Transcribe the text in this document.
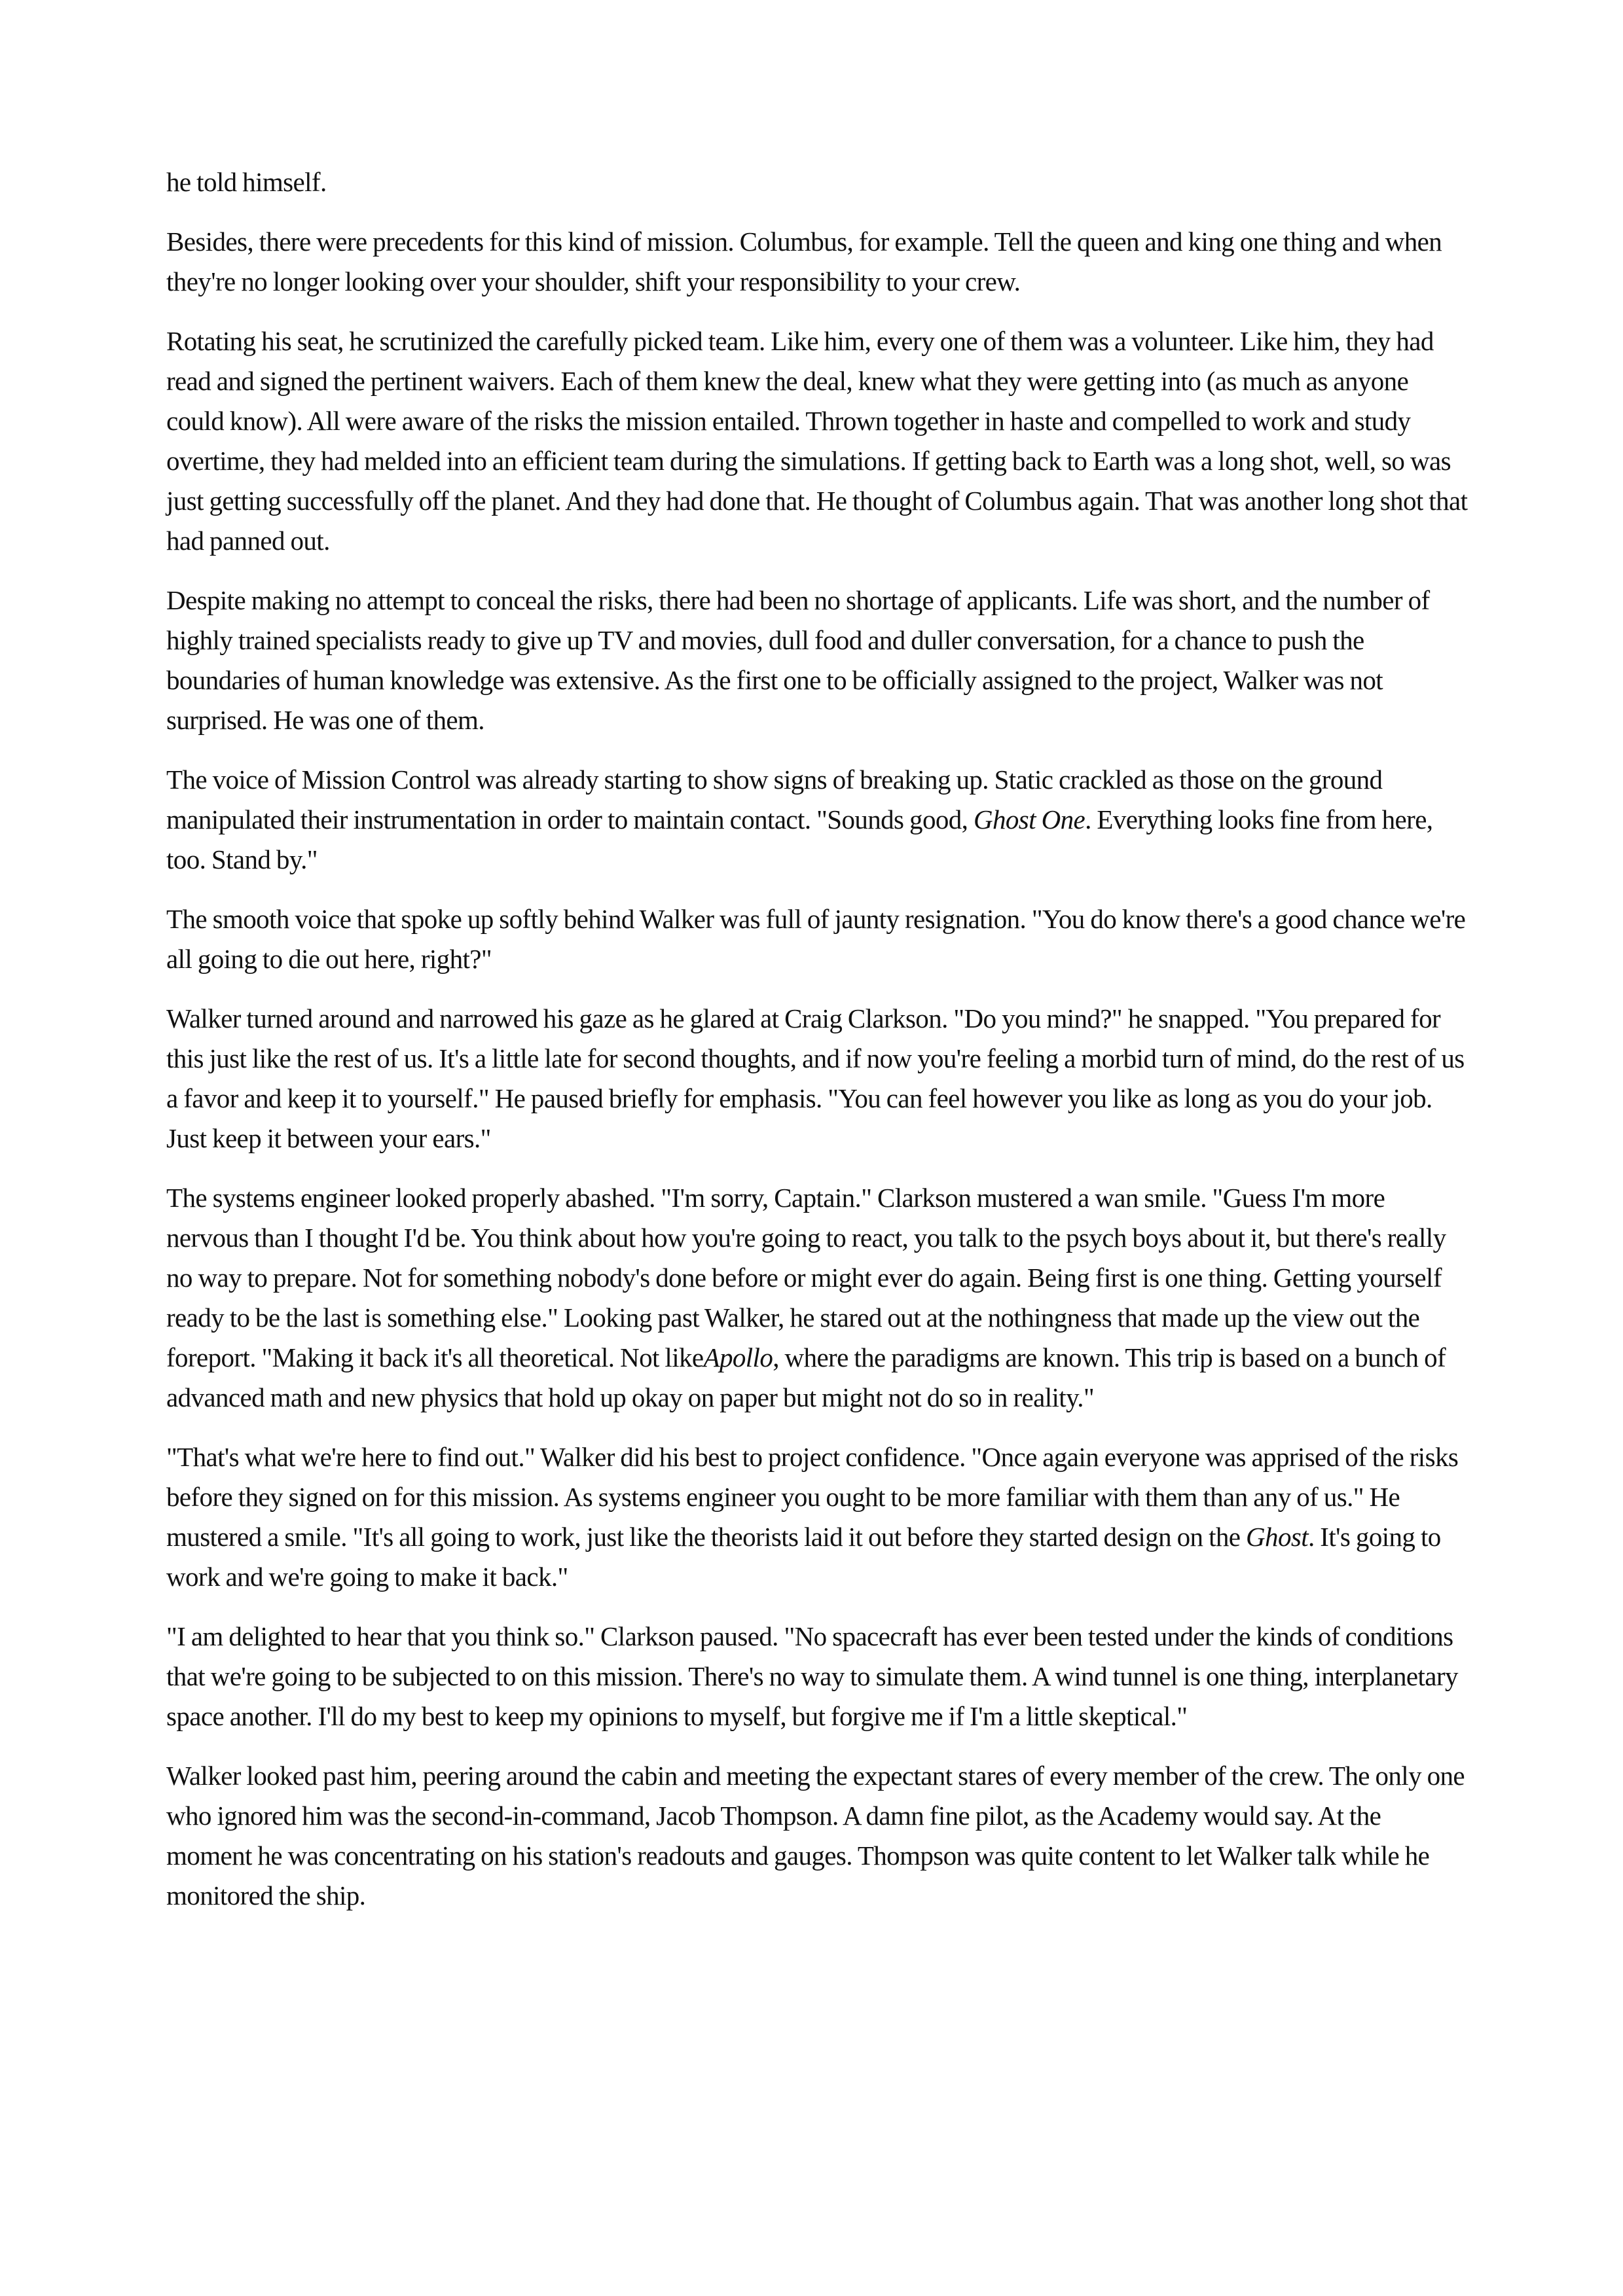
he told himself.

Besides, there were precedents for this kind of mission. Columbus, for example. Tell the queen and king one thing and when they're no longer looking over your shoulder, shift your responsibility to your crew.

Rotating his seat, he scrutinized the carefully picked team. Like him, every one of them was a volunteer. Like him, they had read and signed the pertinent waivers. Each of them knew the deal, knew what they were getting into (as much as anyone could know). All were aware of the risks the mission entailed. Thrown together in haste and compelled to work and study overtime, they had melded into an efficient team during the simulations. If getting back to Earth was a long shot, well, so was just getting successfully off the planet. And they had done that. He thought of Columbus again. That was another long shot that had panned out.

Despite making no attempt to conceal the risks, there had been no shortage of applicants. Life was short, and the number of highly trained specialists ready to give up TV and movies, dull food and duller conversation, for a chance to push the boundaries of human knowledge was extensive. As the first one to be officially assigned to the project, Walker was not surprised. He was one of them.

The voice of Mission Control was already starting to show signs of breaking up. Static crackled as those on the ground manipulated their instrumentation in order to maintain contact. "Sounds good, Ghost One. Everything looks fine from here, too. Stand by."

The smooth voice that spoke up softly behind Walker was full of jaunty resignation. "You do know there's a good chance we're all going to die out here, right?"

Walker turned around and narrowed his gaze as he glared at Craig Clarkson. "Do you mind?" he snapped. "You prepared for this just like the rest of us. It's a little late for second thoughts, and if now you're feeling a morbid turn of mind, do the rest of us a favor and keep it to yourself." He paused briefly for emphasis. "You can feel however you like as long as you do your job. Just keep it between your ears."

The systems engineer looked properly abashed. "I'm sorry, Captain." Clarkson mustered a wan smile. "Guess I'm more nervous than I thought I'd be. You think about how you're going to react, you talk to the psych boys about it, but there's really no way to prepare. Not for something nobody's done before or might ever do again. Being first is one thing. Getting yourself ready to be the last is something else." Looking past Walker, he stared out at the nothingness that made up the view out the foreport. "Making it back it's all theoretical. Not likeApollo, where the paradigms are known. This trip is based on a bunch of advanced math and new physics that hold up okay on paper but might not do so in reality."

"That's what we're here to find out." Walker did his best to project confidence. "Once again everyone was apprised of the risks before they signed on for this mission. As systems engineer you ought to be more familiar with them than any of us." He mustered a smile. "It's all going to work, just like the theorists laid it out before they started design on the Ghost. It's going to work and we're going to make it back."

"I am delighted to hear that you think so." Clarkson paused. "No spacecraft has ever been tested under the kinds of conditions that we're going to be subjected to on this mission. There's no way to simulate them. A wind tunnel is one thing, interplanetary space another. I'll do my best to keep my opinions to myself, but forgive me if I'm a little skeptical."

Walker looked past him, peering around the cabin and meeting the expectant stares of every member of the crew. The only one who ignored him was the second-in-command, Jacob Thompson. A damn fine pilot, as the Academy would say. At the moment he was concentrating on his station's readouts and gauges. Thompson was quite content to let Walker talk while he monitored the ship.
